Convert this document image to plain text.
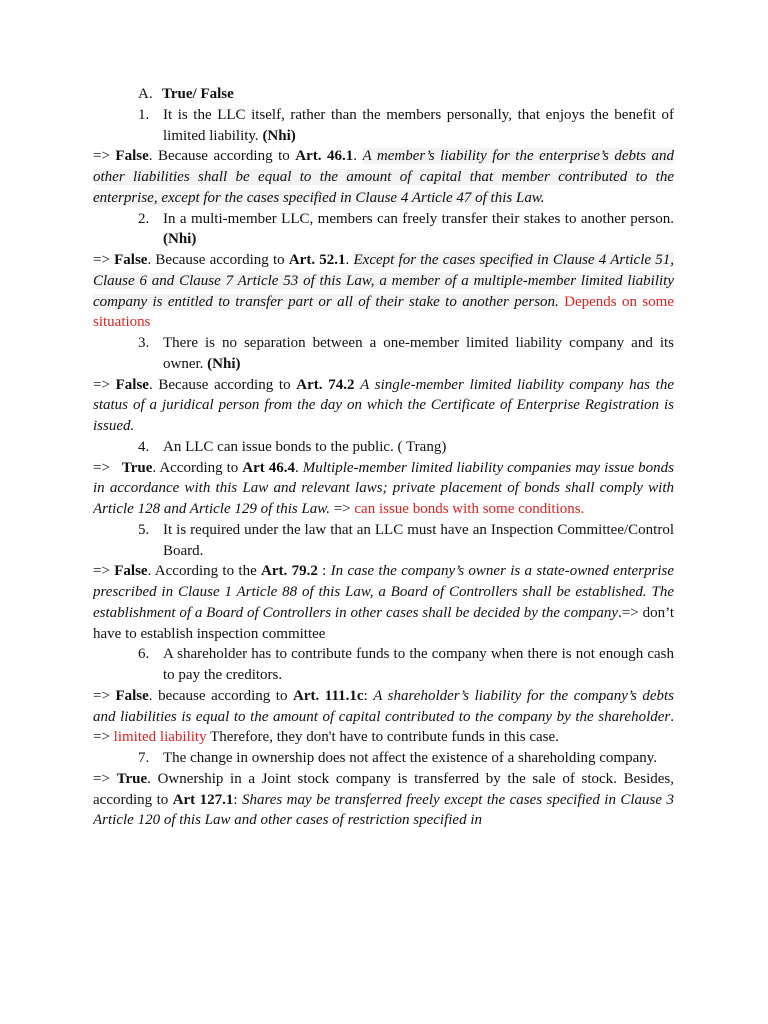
A. True/ False
1. It is the LLC itself, rather than the members personally, that enjoys the benefit of limited liability. (Nhi)
=> False. Because according to Art. 46.1. A member’s liability for the enterprise’s debts and other liabilities shall be equal to the amount of capital that member contributed to the enterprise, except for the cases specified in Clause 4 Article 47 of this Law.
2. In a multi-member LLC, members can freely transfer their stakes to another person. (Nhi)
=> False. Because according to Art. 52.1. Except for the cases specified in Clause 4 Article 51, Clause 6 and Clause 7 Article 53 of this Law, a member of a multiple-member limited liability company is entitled to transfer part or all of their stake to another person. Depends on some situations
3. There is no separation between a one-member limited liability company and its owner. (Nhi)
=> False. Because according to Art. 74.2 A single-member limited liability company has the status of a juridical person from the day on which the Certificate of Enterprise Registration is issued.
4. An LLC can issue bonds to the public. ( Trang)
=> True. According to Art 46.4. Multiple-member limited liability companies may issue bonds in accordance with this Law and relevant laws; private placement of bonds shall comply with Article 128 and Article 129 of this Law. => can issue bonds with some conditions.
5. It is required under the law that an LLC must have an Inspection Committee/Control Board.
=> False. According to the Art. 79.2 : In case the company’s owner is a state-owned enterprise prescribed in Clause 1 Article 88 of this Law, a Board of Controllers shall be established. The establishment of a Board of Controllers in other cases shall be decided by the company.=> don’t have to establish inspection committee
6. A shareholder has to contribute funds to the company when there is not enough cash to pay the creditors.
=> False. because according to Art. 111.1c: A shareholder’s liability for the company’s debts and liabilities is equal to the amount of capital contributed to the company by the shareholder. => limited liability Therefore, they don't have to contribute funds in this case.
7. The change in ownership does not affect the existence of a shareholding company.
=> True. Ownership in a Joint stock company is transferred by the sale of stock. Besides, according to Art 127.1: Shares may be transferred freely except the cases specified in Clause 3 Article 120 of this Law and other cases of restriction specified in
